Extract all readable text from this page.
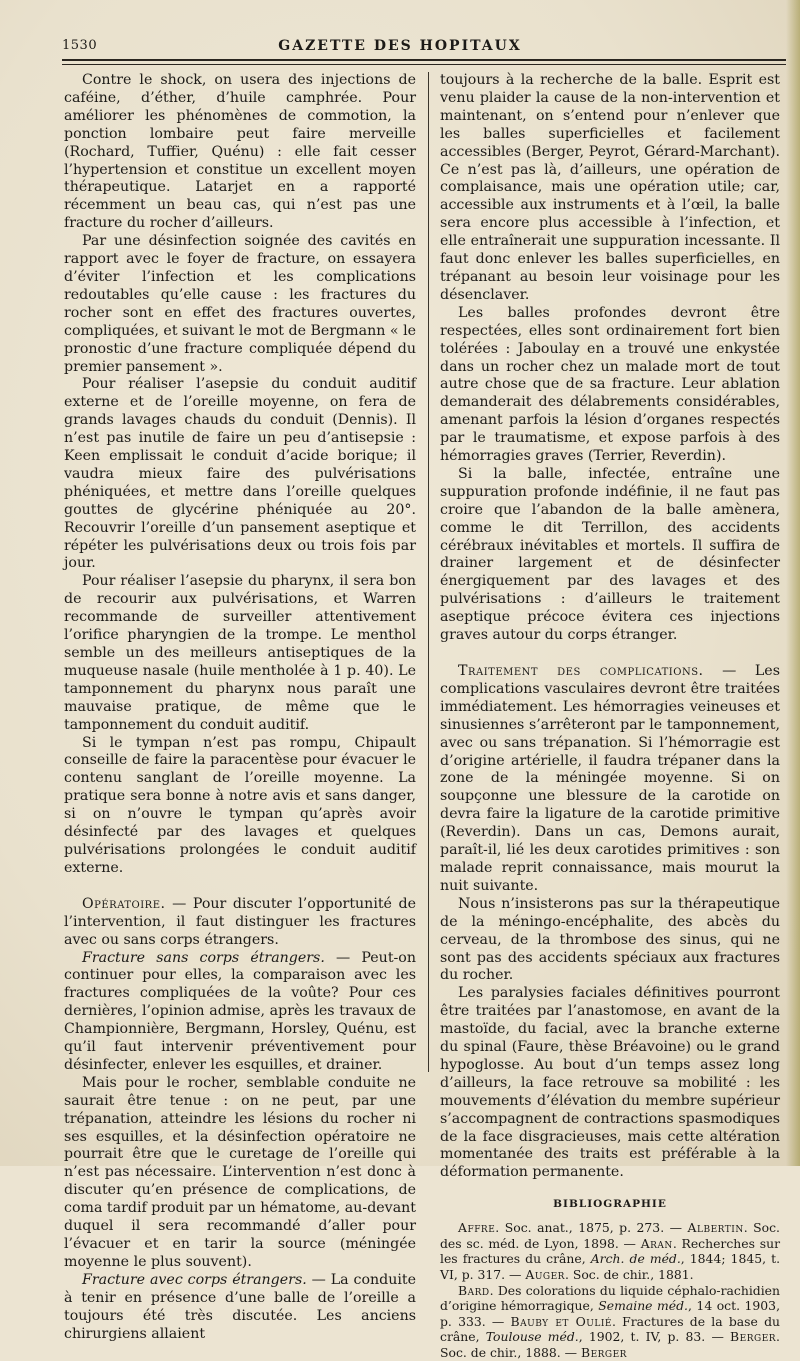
1530	GAZETTE DES HOPITAUX

Contre le shock, on usera des injections de caféine, d’éther, d’huile camphrée. Pour améliorer les phénomènes de commotion, la ponction lombaire peut faire merveille (Rochard, Tuffier, Quénu) : elle fait cesser l’hypertension et constitue un excellent moyen thérapeutique. Latarjet en a rapporté récemment un beau cas, qui n’est pas une fracture du rocher d’ailleurs.

Par une désinfection soignée des cavités en rapport avec le foyer de fracture, on essayera d’éviter l’infection et les complications redoutables qu’elle cause : les fractures du rocher sont en effet des fractures ouvertes, compliquées, et suivant le mot de Bergmann « le pronostic d’une fracture compliquée dépend du premier pansement ».

Pour réaliser l’asepsie du conduit auditif externe et de l’oreille moyenne, on fera de grands lavages chauds du conduit (Dennis). Il n’est pas inutile de faire un peu d’antisepsie : Keen emplissait le conduit d’acide borique; il vaudra mieux faire des pulvérisations phéniquées, et mettre dans l’oreille quelques gouttes de glycérine phéniquée au 20°. Recouvrir l’oreille d’un pansement aseptique et répéter les pulvérisations deux ou trois fois par jour.

Pour réaliser l’asepsie du pharynx, il sera bon de recourir aux pulvérisations, et Warren recommande de surveiller attentivement l’orifice pharyngien de la trompe. Le menthol semble un des meilleurs antiseptiques de la muqueuse nasale (huile mentholée à 1 p. 40). Le tamponnement du pharynx nous paraît une mauvaise pratique, de même que le tamponnement du conduit auditif.

Si le tympan n’est pas rompu, Chipault conseille de faire la paracentèse pour évacuer le contenu sanglant de l’oreille moyenne. La pratique sera bonne à notre avis et sans danger, si on n’ouvre le tympan qu’après avoir désinfecté par des lavages et quelques pulvérisations prolongées le conduit auditif externe.

Opératoire. — Pour discuter l’opportunité de l’intervention, il faut distinguer les fractures avec ou sans corps étrangers.

Fracture sans corps étrangers. — Peut-on continuer pour elles, la comparaison avec les fractures compliquées de la voûte? Pour ces dernières, l’opinion admise, après les travaux de Championnière, Bergmann, Horsley, Quénu, est qu’il faut intervenir préventivement pour désinfecter, enlever les esquilles, et drainer.

Mais pour le rocher, semblable conduite ne saurait être tenue : on ne peut, par une trépanation, atteindre les lésions du rocher ni ses esquilles, et la désinfection opératoire ne pourrait être que le curetage de l’oreille qui n’est pas nécessaire. L’intervention n’est donc à discuter qu’en présence de complications, de coma tardif produit par un hématome, au-devant duquel il sera recommandé d’aller pour l’évacuer et en tarir la source (méningée moyenne le plus souvent).

Fracture avec corps étrangers. — La conduite à tenir en présence d’une balle de l’oreille a toujours été très discutée. Les anciens chirurgiens allaient

toujours à la recherche de la balle. Esprit est venu plaider la cause de la non-intervention et maintenant, on s’entend pour n’enlever que les balles superficielles et facilement accessibles (Berger, Peyrot, Gérard-Marchant). Ce n’est pas là, d’ailleurs, une opération de complaisance, mais une opération utile; car, accessible aux instruments et à l’œil, la balle sera encore plus accessible à l’infection, et elle entraînerait une suppuration incessante. Il faut donc enlever les balles superficielles, en trépanant au besoin leur voisinage pour les désenclaver.

Les balles profondes devront être respectées, elles sont ordinairement fort bien tolérées : Jaboulay en a trouvé une enkystée dans un rocher chez un malade mort de tout autre chose que de sa fracture. Leur ablation demanderait des délabrements considérables, amenant parfois la lésion d’organes respectés par le traumatisme, et expose parfois à des hémorragies graves (Terrier, Reverdin).

Si la balle, infectée, entraîne une suppuration profonde indéfinie, il ne faut pas croire que l’abandon de la balle amènera, comme le dit Terrillon, des accidents cérébraux inévitables et mortels. Il suffira de drainer largement et de désinfecter énergiquement par des lavages et des pulvérisations : d’ailleurs le traitement aseptique précoce évitera ces injections graves autour du corps étranger.

Traitement des complications. — Les complications vasculaires devront être traitées immédiatement. Les hémorragies veineuses et sinusiennes s’arrêteront par le tamponnement, avec ou sans trépanation. Si l’hémorragie est d’origine artérielle, il faudra trépaner dans la zone de la méningée moyenne. Si on soupçonne une blessure de la carotide on devra faire la ligature de la carotide primitive (Reverdin). Dans un cas, Demons aurait, paraît-il, lié les deux carotides primitives : son malade reprit connaissance, mais mourut la nuit suivante.

Nous n’insisterons pas sur la thérapeutique de la méningo-encéphalite, des abcès du cerveau, de la thrombose des sinus, qui ne sont pas des accidents spéciaux aux fractures du rocher.

Les paralysies faciales définitives pourront être traitées par l’anastomose, en avant de la mastoïde, du facial, avec la branche externe du spinal (Faure, thèse Bréavoine) ou le grand hypoglosse. Au bout d’un temps assez long d’ailleurs, la face retrouve sa mobilité : les mouvements d’élévation du membre supérieur s’accompagnent de contractions spasmodiques de la face disgracieuses, mais cette altération momentanée des traits est préférable à la déformation permanente.

BIBLIOGRAPHIE

Affre. Soc. anat., 1875, p. 273. — Albertin. Soc. des sc. méd. de Lyon, 1898. — Aran. Recherches sur les fractures du crâne, Arch. de méd., 1844; 1845, t. VI, p. 317. — Auger. Soc. de chir., 1881.

Bard. Des colorations du liquide céphalo-rachidien d’origine hémorragique, Semaine méd., 14 oct. 1903, p. 333. — Bauby et Oulié. Fractures de la base du crâne, Toulouse méd., 1902, t. IV, p. 83. — Berger. Soc. de chir., 1888. — Berger
